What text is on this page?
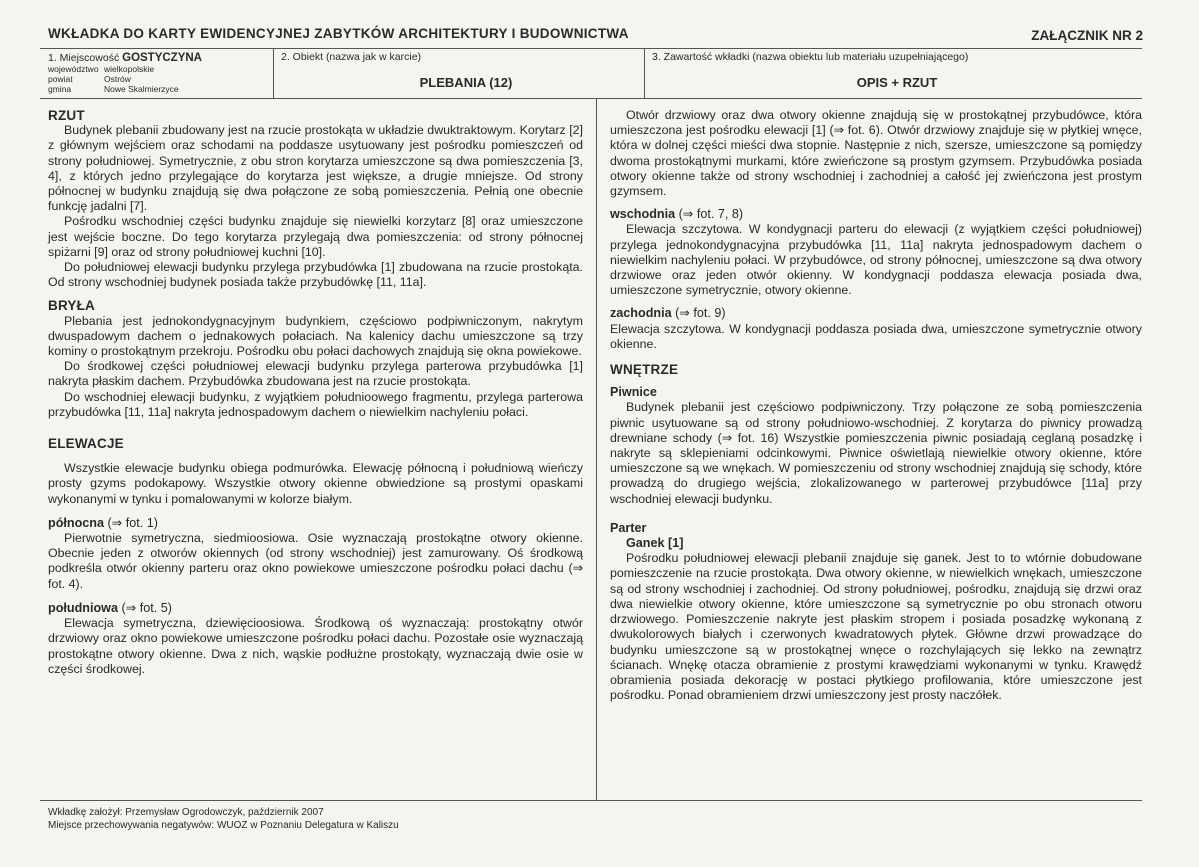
WKŁADKA DO KARTY EWIDENCYJNEJ ZABYTKÓW ARCHITEKTURY I BUDOWNICTWA	ZAŁĄCZNIK NR 2
1. Miejscowość GOSTYCZYNA
województwo wielkopolskie
powiat	Ostrów
gmina	Nowe Skalmierzyce
2. Obiekt (nazwa jak w karcie)
PLEBANIA (12)
3. Zawartość wkładki (nazwa obiektu lub materiału uzupełniającego)
OPIS + RZUT
RZUT

Budynek plebanii zbudowany jest na rzucie prostokąta w układzie dwuktraktowym. Korytarz [2] z głównym wejściem oraz schodami na poddasze usytuowany jest pośrodku pomieszczeń od strony południowej. Symetrycznie, z obu stron korytarza umieszczone są dwa pomieszczenia [3, 4], z których jedno przylegające do korytarza jest większe, a drugie mniejsze. Od strony północnej w budynku znajdują się dwa połączone ze sobą pomieszczenia. Pełnią one obecnie funkcję jadalni [7].

Pośrodku wschodniej części budynku znajduje się niewielki korzytarz [8] oraz umieszczone jest wejście boczne. Do tego korytarza przylegają dwa pomieszczenia: od strony północnej spiżarni [9] oraz od strony południowej kuchni [10].

Do południowej elewacji budynku przylega przybudówka [1] zbudowana na rzucie prostokąta. Od strony wschodniej budynek posiada także przybudówkę [11, 11a].

BRYŁA

Plebania jest jednokondygnacyjnym budynkiem, częściowo podpiwniczonym, nakrytym dwuspadowym dachem o jednakowych połaciach. Na kalenicy dachu umieszczone są trzy kominy o prostokątnym przekroju. Pośrodku obu połaci dachowych znajdują się okna powiekowe.

Do środkowej części południowej elewacji budynku przylega parterowa przybudówka [1] nakryta płaskim dachem. Przybudówka zbudowana jest na rzucie prostokąta.

Do wschodniej elewacji budynku, z wyjątkiem południoowego fragmentu, przylega parterowa przybudówka [11, 11a] nakryta jednospadowym dachem o niewielkim nachyleniu połaci.

ELEWACJE

Wszystkie elewacje budynku obiega podmurówka. Elewację północną i południową wieńczy prosty gzyms podokapowy. Wszystkie otwory okienne obwiedzione są prostymi opaskami wykonanymi w tynku i pomalowanymi w kolorze białym.

północna (⇒ fot. 1)

Pierwotnie symetryczna, siedmioosiowa. Osie wyznaczają prostokątne otwory okienne. Obecnie jeden z otworów okiennych (od strony wschodniej) jest zamurowany. Oś środkową podkreśla otwór okienny parteru oraz okno powiekowe umieszczone pośrodku połaci dachu (⇒ fot. 4).

południowa (⇒ fot. 5)

Elewacja symetryczna, dziewięcioosiowa. Środkową oś wyznaczają: prostokątny otwór drzwiowy oraz okno powiekowe umieszczone pośrodku połaci dachu. Pozostałe osie wyznaczają prostokątne otwory okienne. Dwa z nich, wąskie podłużne prostokąty, wyznaczają dwie osie w części środkowej.

Otwór drzwiowy oraz dwa otwory okienne znajdują się w prostokątnej przybudówce, która umieszczona jest pośrodku elewacji [1] (⇒ fot. 6). Otwór drzwiowy znajduje się w płytkiej wnęce, która w dolnej części mieści dwa stopnie. Następnie z nich, szersze, umieszczone są pomiędzy dwoma prostokątnymi murkami, które zwieńczone są prostym gzymsem. Przybudówka posiada otwory okienne także od strony wschodniej i zachodniej a całość jej zwieńczona jest prostym gzymsem.

wschodnia (⇒ fot. 7, 8)

Elewacja szczytowa. W kondygnacji parteru do elewacji (z wyjątkiem części południowej) przylega jednokondygnacyjna przybudówka [11, 11a] nakryta jednospadowym dachem o niewielkim nachyleniu połaci. W przybudówce, od strony północnej, umieszczone są dwa otwory drzwiowe oraz jeden otwór okienny. W kondygnacji poddasza elewacja posiada dwa, umieszczone symetrycznie, otwory okienne.

zachodnia (⇒ fot. 9)

Elewacja szczytowa. W kondygnacji poddasza posiada dwa, umieszczone symetrycznie otwory okienne.

WNĘTRZE
Piwnice

Budynek plebanii jest częściowo podpiwniczony. Trzy połączone ze sobą pomieszczenia piwnic usytuowane są od strony południowo-wschodniej. Z korytarza do piwnicy prowadzą drewniane schody (⇒ fot. 16) Wszystkie pomieszczenia piwnic posiadają ceglaną posadzkę i nakryte są sklepieniami odcinkowymi. Piwnice oświetlają niewielkie otwory okienne, które umieszczone są we wnękach. W pomieszczeniu od strony wschodniej znajdują się schody, które prowadzą do drugiego wejścia, zlokalizowanego w parterowej przybudówce [11a] przy wschodniej elewacji budynku.

Parter
Ganek [1]

Pośrodku południowej elewacji plebanii znajduje się ganek. Jest to to wtórnie dobudowane pomieszczenie na rzucie prostokąta. Dwa otwory okienne, w niewielkich wnękach, umieszczone są od strony wschodniej i zachodniej. Od strony południowej, pośrodku, znajdują się drzwi oraz dwa niewielkie otwory okienne, które umieszczone są symetrycznie po obu stronach otworu drzwiowego. Pomieszczenie nakryte jest płaskim stropem i posiada posadzkę wykonaną z dwukolorowych białych i czerwonych kwadratowych płytek. Główne drzwi prowadzące do budynku umieszczone są w prostokątnej wnęce o rozchylających się lekko na zewnątrz ścianach. Wnękę otacza obramienie z prostymi krawędziami wykonanymi w tynku. Krawędź obramienia posiada dekorację w postaci płytkiego profilowania, które umieszczone jest pośrodku. Ponad obramieniem drzwi umieszczony jest prosty naczółek.

Wkładkę założył: Przemysław Ogrodowczyk, październik 2007
Miejsce przechowywania negatywów: WUOZ w Poznaniu Delegatura w Kaliszu
